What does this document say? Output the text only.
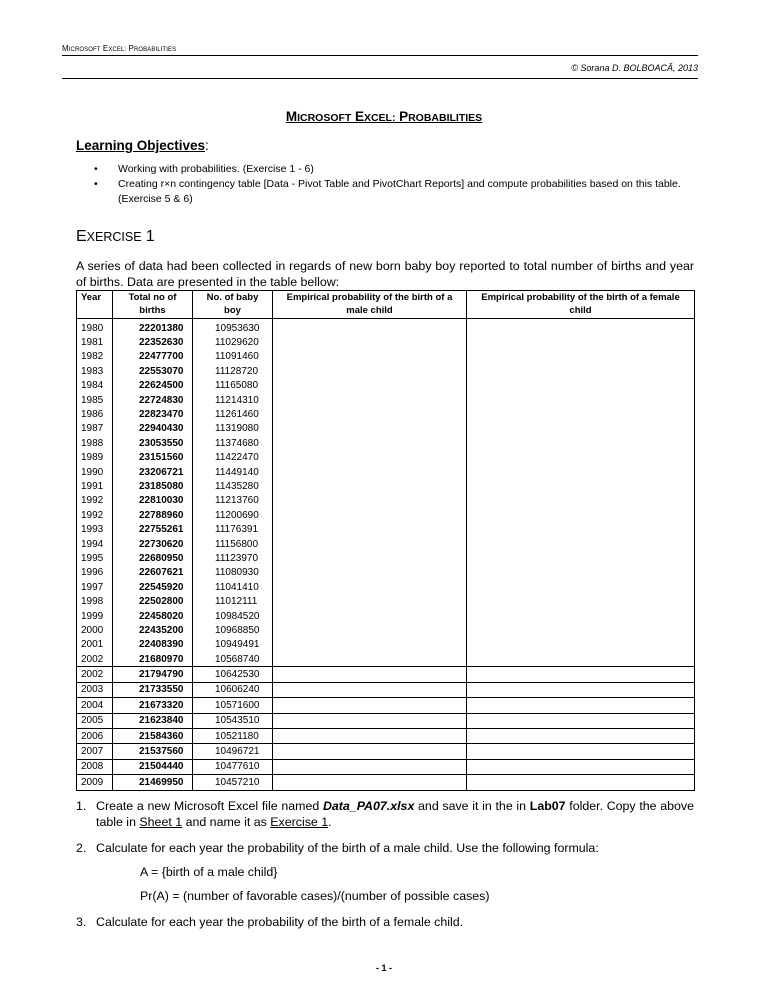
MICROSOFT EXCEL: PROBABILITIES
© Sorana D. BOLBOACĂ, 2013
MICROSOFT EXCEL: PROBABILITIES
Learning Objectives:
• Working with probabilities. (Exercise 1 - 6)
• Creating r×n contingency table [Data - Pivot Table and PivotChart Reports] and compute probabilities based on this table. (Exercise 5 & 6)
EXERCISE 1
A series of data had been collected in regards of new born baby boy reported to total number of births and year of births. Data are presented in the table bellow:
Year	Total no of births	No. of baby boy	Empirical probability of the birth of a male child	Empirical probability of the birth of a female child
1980	22201380	10953630		
1981	22352630	11029620		
1982	22477700	11091460		
1983	22553070	11128720		
1984	22624500	11165080		
1985	22724830	11214310		
1986	22823470	11261460		
1987	22940430	11319080		
1988	23053550	11374680		
1989	23151560	11422470		
1990	23206721	11449140		
1991	23185080	11435280		
1992	22810030	11213760		
1992	22788960	11200690		
1993	22755261	11176391		
1994	22730620	11156800		
1995	22680950	11123970		
1996	22607621	11080930		
1997	22545920	11041410		
1998	22502800	11012111		
1999	22458020	10984520		
2000	22435200	10968850		
2001	22408390	10949491		
2002	21680970	10568740		
2002	21794790	10642530		
2003	21733550	10606240		
2004	21673320	10571600		
2005	21623840	10543510		
2006	21584360	10521180		
2007	21537560	10496721		
2008	21504440	10477610		
2009	21469950	10457210		
1. Create a new Microsoft Excel file named Data_PA07.xlsx and save it in the in Lab07 folder. Copy the above table in Sheet 1 and name it as Exercise 1.
2. Calculate for each year the probability of the birth of a male child. Use the following formula:
A = {birth of a male child}
Pr(A) = (number of favorable cases)/(number of possible cases)
3. Calculate for each year the probability of the birth of a female child.
- 1 -
